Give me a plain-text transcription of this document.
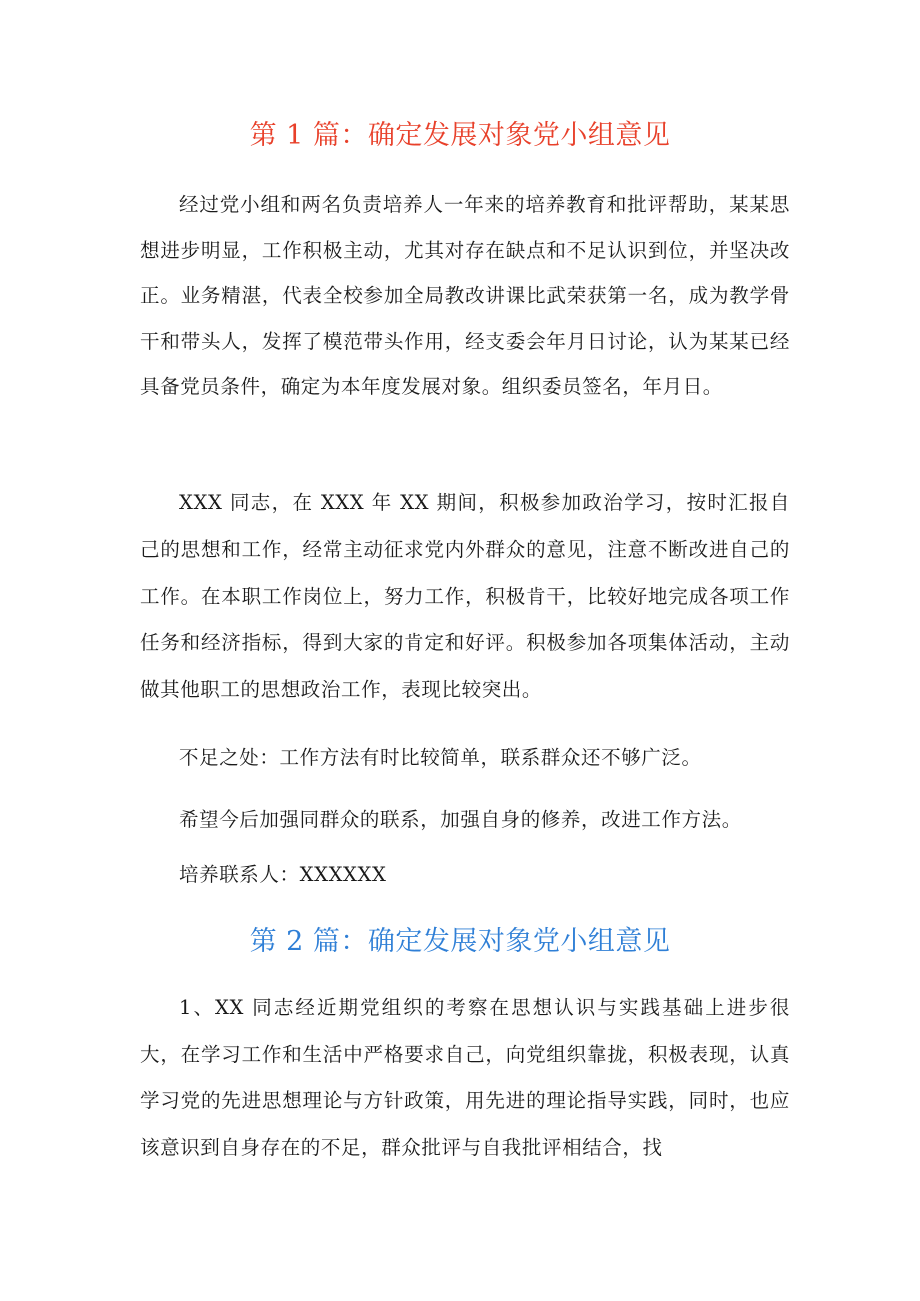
第 1 篇：确定发展对象党小组意见

经过党小组和两名负责培养人一年来的培养教育和批评帮助，某某思想进步明显，工作积极主动，尤其对存在缺点和不足认识到位，并坚决改正。业务精湛，代表全校参加全局教改讲课比武荣获第一名，成为教学骨干和带头人，发挥了模范带头作用，经支委会年月日讨论，认为某某已经具备党员条件，确定为本年度发展对象。组织委员签名，年月日。

XXX 同志，在 XXX 年 XX 期间，积极参加政治学习，按时汇报自己的思想和工作，经常主动征求党内外群众的意见，注意不断改进自己的工作。在本职工作岗位上，努力工作，积极肯干，比较好地完成各项工作任务和经济指标，得到大家的肯定和好评。积极参加各项集体活动，主动做其他职工的思想政治工作，表现比较突出。

不足之处：工作方法有时比较简单，联系群众还不够广泛。

希望今后加强同群众的联系，加强自身的修养，改进工作方法。

培养联系人：XXXXXX

第 2 篇：确定发展对象党小组意见

1、XX 同志经近期党组织的考察在思想认识与实践基础上进步很大，在学习工作和生活中严格要求自己，向党组织靠拢，积极表现，认真学习党的先进思想理论与方针政策，用先进的理论指导实践，同时，也应该意识到自身存在的不足，群众批评与自我批评相结合，找
